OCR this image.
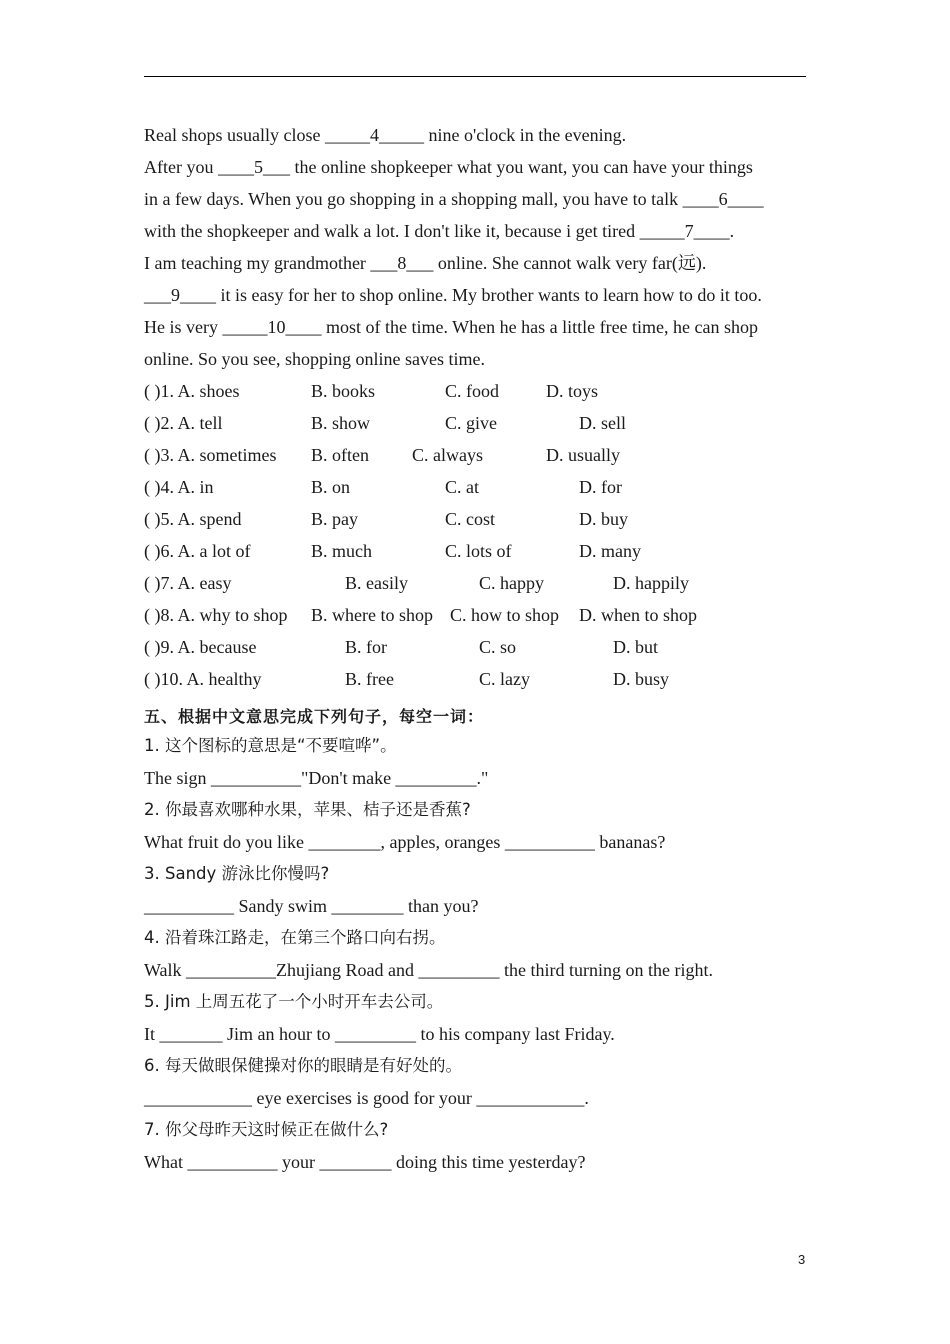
Real shops usually close _____4_____ nine o'clock in the evening.
After you ____5___ the online shopkeeper what you want, you can have your things
in a few days. When you go shopping in a shopping mall, you have to talk ____6____
with the shopkeeper and walk a lot. I don't like it, because i get tired _____7____.
I am teaching my grandmother ___8___ online. She cannot walk very far(远).
___9____ it is easy for her to shop online. My brother wants to learn how to do it too.
He is very _____10____ most of the time. When he has a little free time, he can shop
online. So you see, shopping online saves time.
( )1. A. shoes	B. books	C. food	D. toys
( )2. A. tell	B. show	C. give	D. sell
( )3. A. sometimes	B. often	C. always	D. usually
( )4. A. in	B. on	C. at	D. for
( )5. A. spend	B. pay	C. cost	D. buy
( )6. A. a lot of	B. much	C. lots of	D. many
( )7. A. easy	B. easily	C. happy	D. happily
( )8. A. why to shop	B. where to shop C. how to shop	D. when to shop
( )9. A. because	B. for	C. so	D. but
( )10. A. healthy	B. free	C. lazy	D. busy
五、根据中文意思完成下列句子，每空一词：
1. 这个图标的意思是“不要喧哗”。
The sign __________"Don't make _________."
2. 你最喜欢哪种水果，苹果、桔子还是香蕉?
What fruit do you like ________, apples, oranges __________ bananas?
3. Sandy 游泳比你慢吗?
__________ Sandy swim ________ than you?
4. 沿着珠江路走，在第三个路口向右拐。
Walk __________Zhujiang Road and _________ the third turning on the right.
5. Jim 上周五花了一个小时开车去公司。
It _______ Jim an hour to _________ to his company last Friday.
6. 每天做眼保健操对你的眼睛是有好处的。
____________ eye exercises is good for your ____________.
7. 你父母昨天这时候正在做什么?
What __________ your ________ doing this time yesterday?
3
